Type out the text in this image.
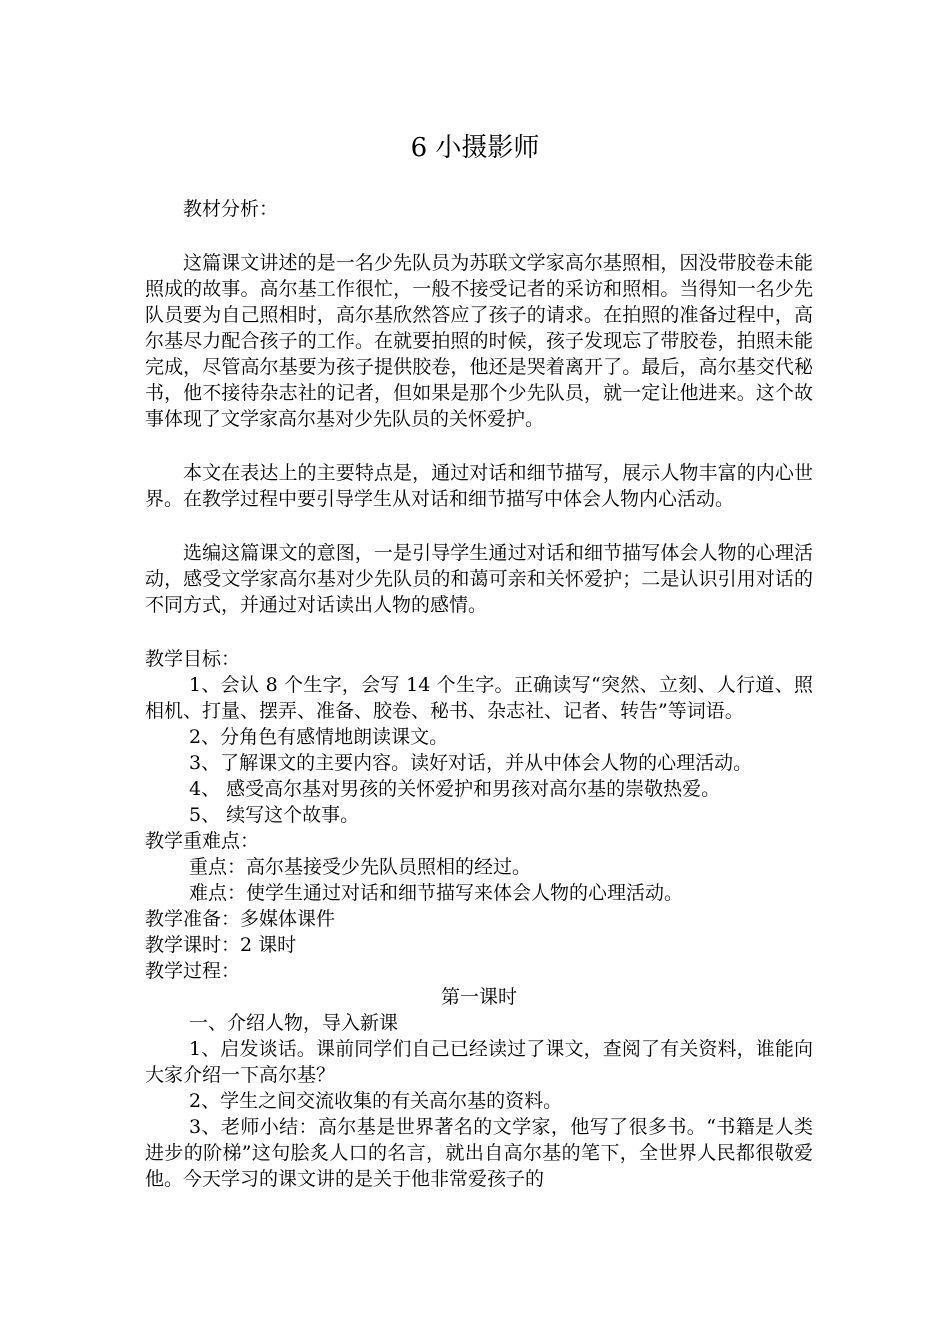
6 小摄影师

教材分析：

这篇课文讲述的是一名少先队员为苏联文学家高尔基照相，因没带胶卷未能照成的故事。高尔基工作很忙，一般不接受记者的采访和照相。当得知一名少先队员要为自己照相时，高尔基欣然答应了孩子的请求。在拍照的准备过程中，高尔基尽力配合孩子的工作。在就要拍照的时候，孩子发现忘了带胶卷，拍照未能完成，尽管高尔基要为孩子提供胶卷，他还是哭着离开了。最后，高尔基交代秘书，他不接待杂志社的记者，但如果是那个少先队员，就一定让他进来。这个故事体现了文学家高尔基对少先队员的关怀爱护。

本文在表达上的主要特点是，通过对话和细节描写，展示人物丰富的内心世界。在教学过程中要引导学生从对话和细节描写中体会人物内心活动。

选编这篇课文的意图，一是引导学生通过对话和细节描写体会人物的心理活动，感受文学家高尔基对少先队员的和蔼可亲和关怀爱护；二是认识引用对话的不同方式，并通过对话读出人物的感情。

教学目标：

1、会认 8 个生字，会写 14 个生字。正确读写“突然、立刻、人行道、照相机、打量、摆弄、准备、胶卷、秘书、杂志社、记者、转告”等词语。

2、分角色有感情地朗读课文。

3、了解课文的主要内容。读好对话，并从中体会人物的心理活动。

4、 感受高尔基对男孩的关怀爱护和男孩对高尔基的崇敬热爱。

5、 续写这个故事。

教学重难点：

重点：高尔基接受少先队员照相的经过。

难点：使学生通过对话和细节描写来体会人物的心理活动。

教学准备：多媒体课件

教学课时：2 课时

教学过程：

第一课时

一、介绍人物，导入新课

1、启发谈话。课前同学们自己已经读过了课文，查阅了有关资料，谁能向大家介绍一下高尔基？

2、学生之间交流收集的有关高尔基的资料。

3、老师小结：高尔基是世界著名的文学家，他写了很多书。“书籍是人类进步的阶梯”这句脍炙人口的名言，就出自高尔基的笔下，全世界人民都很敬爱他。今天学习的课文讲的是关于他非常爱孩子的
